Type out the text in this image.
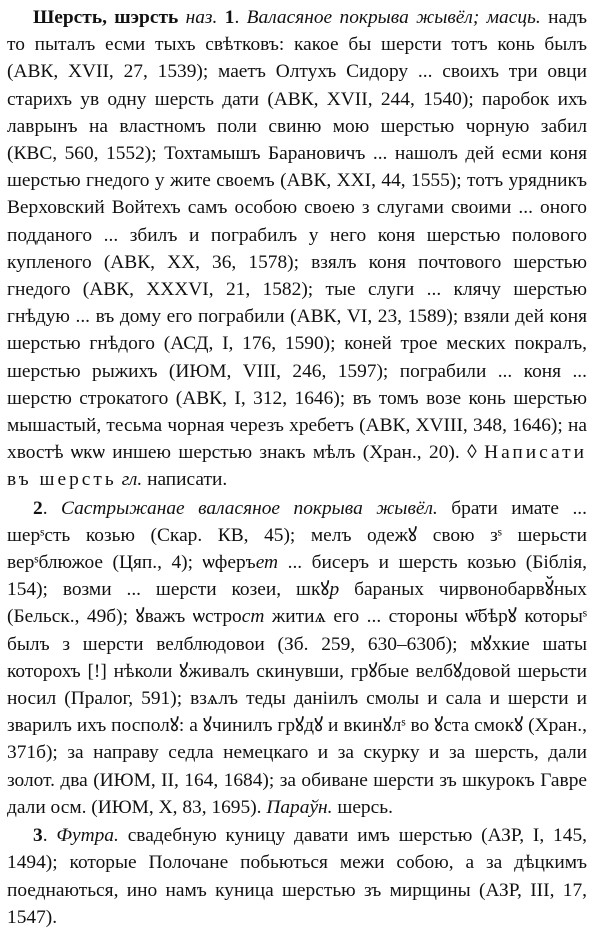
Шерсть, шэрсть наз. 1. Валасяное покрыва жывёл; масць. надъ то пыталъ есми тыхъ свѣтковъ: какое бы шерсти тотъ конь былъ (АВК, XVII, 27, 1539); маетъ Олтухъ Сидору ... своихъ три овци старихъ ув одну шерсть дати (АВК, XVII, 244, 1540); паробок ихъ лаврынъ на властномъ поли свиню мою шерстью чорную забил (КВС, 560, 1552); Тохтамышъ Барановичъ ... нашолъ дей есми коня шерстью гнедого у жите своемъ (АВК, XXI, 44, 1555); тотъ урядникъ Верховский Войтехъ самъ особою своею з слугами своими ... оного подданого ... збилъ и пограбилъ у него коня шерстью полового купленого (АВК, XX, 36, 1578); взялъ коня почтового шерстью гнедого (АВК, XXXVI, 21, 1582); тые слуги ... клячу шерстью гнѣдую ... въ дому его пограбили (АВК, VI, 23, 1589); взяли дей коня шерстью гнѣдого (АСД, I, 176, 1590); коней трое меских покралъ, шерстью рыжихъ (ИЮМ, VIII, 246, 1597); пограбили ... коня ... шерстю строкатого (АВК, I, 312, 1646); въ томъ возе конь шерстью мышастый, тесьма чорная черезъ хребетъ (АВК, XVIII, 348, 1646); на хвостѣ ѡкѡ иншею шерстью знакъ мѣлъ (Хран., 20). ◊ Написати въ шерсть гл. написати.

2. Састрыжанае валасяное покрыва жывёл. брати имате ... шерˢсть козью (Скар. КВ, 45); мелъ одежꙋ свою зˢ шерьсти верˢблюжое (Цяп., 4); ѡферъет ... бисеръ и шерсть козью (Біблія, 154); возми ... шерсти козеи, шкꙋр бараных чирвонобарвꙋ̆ных (Бельск., 49б); ꙋважъ ѡстрост житиѧ его ... стороны ѡ҃бѣрꙋ которыˢ былъ з шерсти велблюдовои (Зб. 259, 630–630б); мꙋхкие шаты которохъ [!] нѣколи ꙋживалъ скинувши, грꙋбые велбꙋдовой шерьсти носил (Пралог, 591); взѧлъ теды даніилъ смолы и сала и шерсти и зварилъ ихъ посполꙋ: а ꙋчинилъ грꙋдꙋ и вкинꙋлˢ во ꙋста смокꙋ (Хран., 371б); за направу седла немецкаго и за скурку и за шерсть, дали золот. два (ИЮМ, II, 164, 1684); за обиване шерсти зъ шкурокъ Гавре дали осм. (ИЮМ, X, 83, 1695). Параўн. шерсь.

3. Футра. свадебную куницу давати имъ шерстью (АЗР, I, 145, 1494); которые Полочане побьються межи собою, а за дѣцкимъ поеднаються, ино намъ куница шерстью зъ мирщины (АЗР, III, 17, 1547).
